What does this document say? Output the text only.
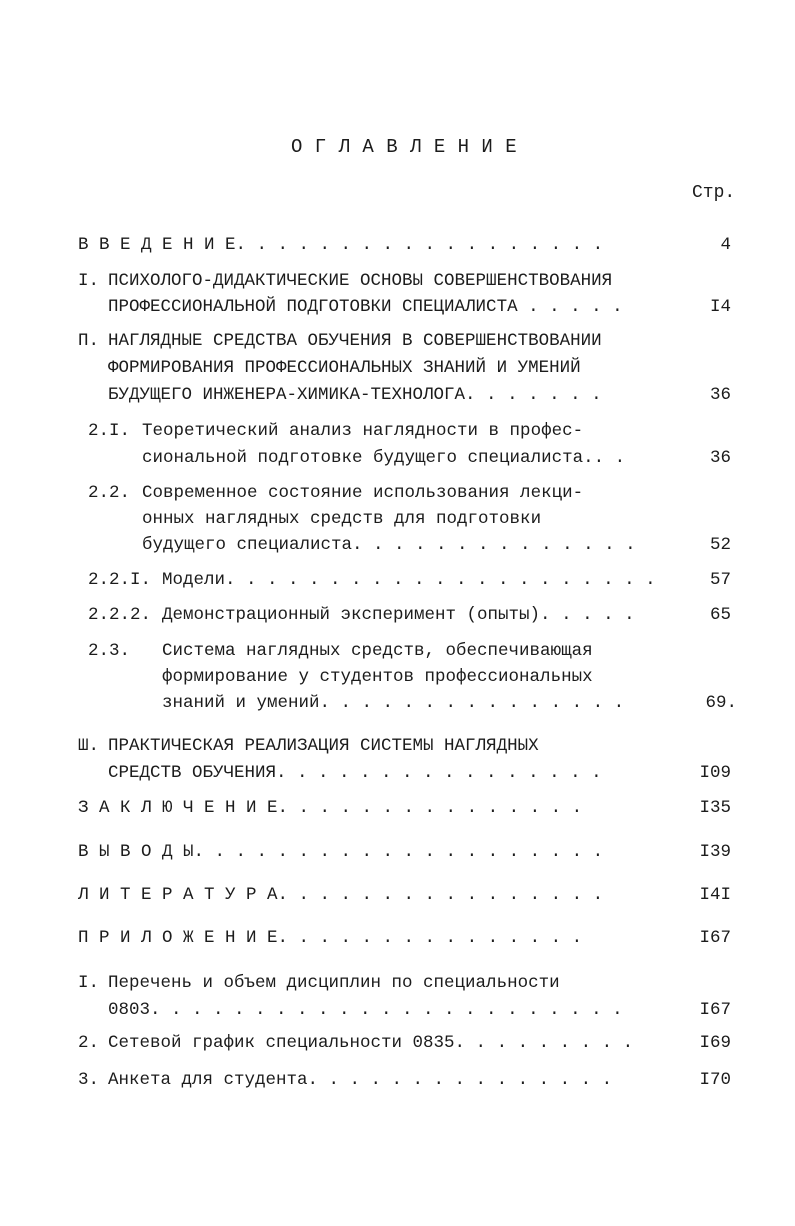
О Г Л А В Л Е Н И Е
Стр.
В В Е Д Е Н И Е. . . . . . . . . . . . . . . . . .	4
I. ПСИХОЛОГО-ДИДАКТИЧЕСКИЕ ОСНОВЫ СОВЕРШЕНСТВОВАНИЯ
ПРОФЕССИОНАЛЬНОЙ ПОДГОТОВКИ СПЕЦИАЛИСТА . . . . .	I4
П. НАГЛЯДНЫЕ СРЕДСТВА ОБУЧЕНИЯ В СОВЕРШЕНСТВОВАНИИ
ФОРМИРОВАНИЯ ПРОФЕССИОНАЛЬНЫХ ЗНАНИЙ И УМЕНИЙ
БУДУЩЕГО ИНЖЕНЕРА-ХИМИКА-ТЕХНОЛОГА. . . . . . .	36
2.I. Теоретический анализ наглядности в профес-
сиональной подготовке будущего специалиста.. .	36
2.2. Современное состояние использования лекци-
онных наглядных средств для подготовки
будущего специалиста. . . . . . . . . . . . . .	52
2.2.I. Модели. . . . . . . . . . . . . . . . . . . . .	57
2.2.2. Демонстрационный эксперимент (опыты). . . . .	65
2.3. Система наглядных средств, обеспечивающая
формирование у студентов профессиональных
знаний и умений. . . . . . . . . . . . . . .	69.
Ш. ПРАКТИЧЕСКАЯ РЕАЛИЗАЦИЯ СИСТЕМЫ НАГЛЯДНЫХ
СРЕДСТВ ОБУЧЕНИЯ. . . . . . . . . . . . . . . .	I09
З А К Л Ю Ч Е Н И Е. . . . . . . . . . . . . . .	I35
В Ы В О Д Ы. . . . . . . . . . . . . . . . . . . .	I39
Л И Т Е Р А Т У Р А. . . . . . . . . . . . . . . .	I4I
П Р И Л О Ж Е Н И Е. . . . . . . . . . . . . . .	I67
I. Перечень и объем дисциплин по специальности
0803. . . . . . . . . . . . . . . . . . . . . . .	I67
2. Сетевой график специальности 0835. . . . . . . . .	I69
3. Анкета для студента. . . . . . . . . . . . . . .	I70
